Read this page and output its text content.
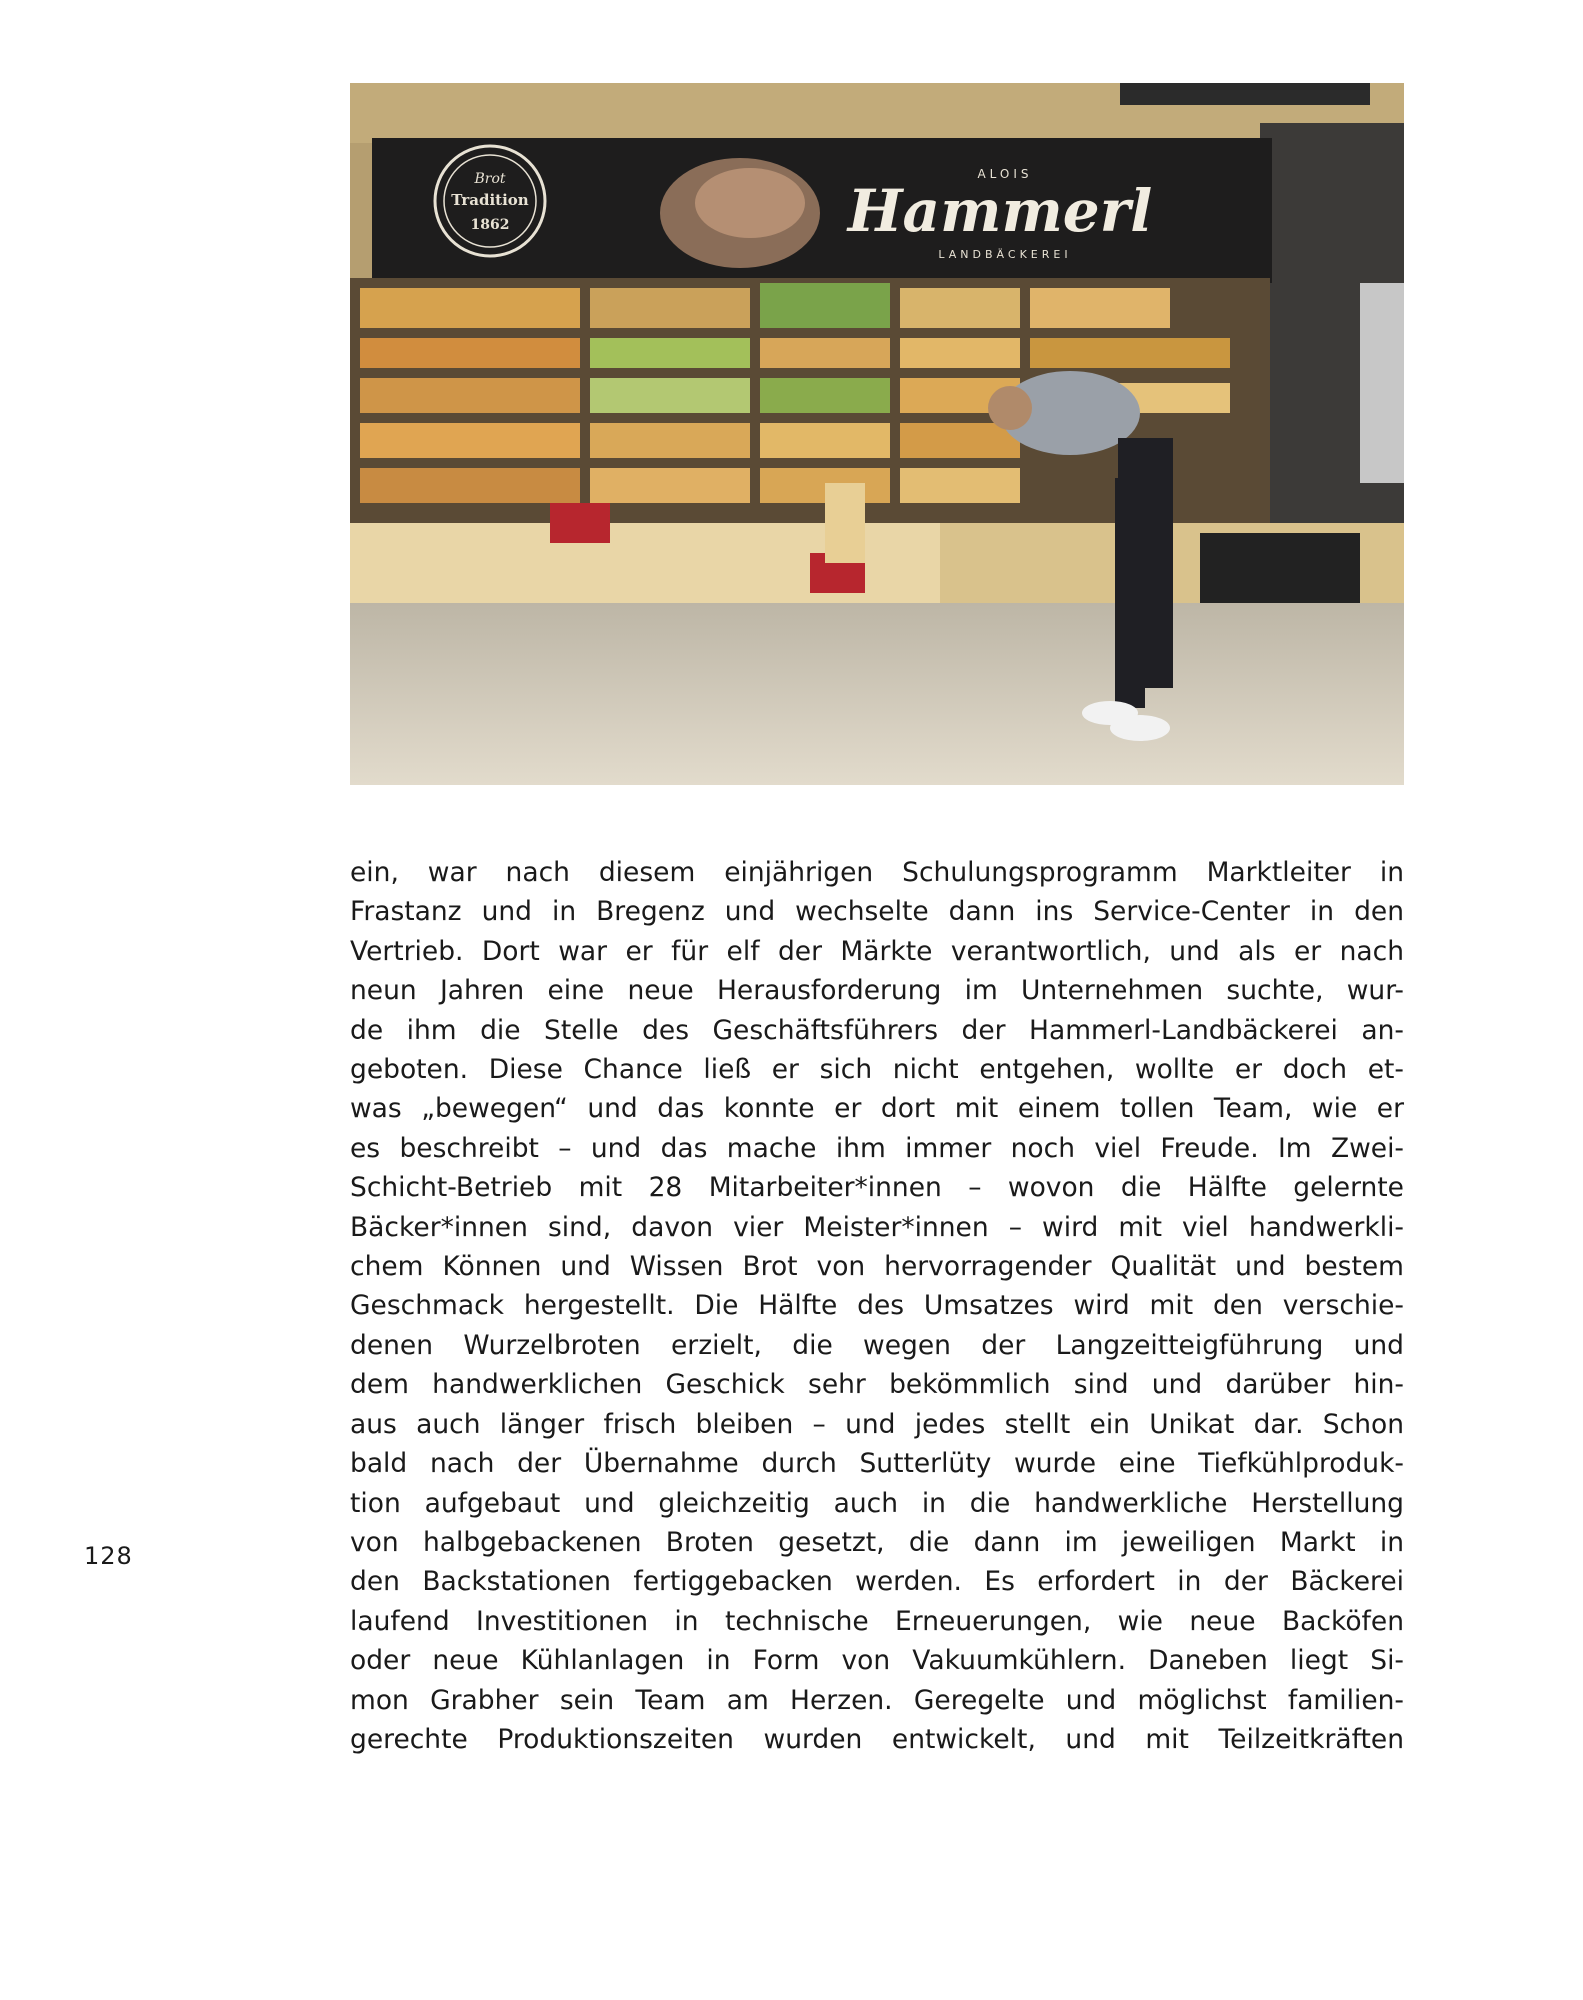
Brot
Tradition
1862
ALOIS
Hammerl
LANDBÄCKEREI
ein, war nach diesem einjährigen Schulungsprogramm Marktleiter in
Frastanz und in Bregenz und wechselte dann ins Service-Center in den
Vertrieb. Dort war er für elf der Märkte verantwortlich, und als er nach
neun Jahren eine neue Herausforderung im Unternehmen suchte, wur-
de ihm die Stelle des Geschäftsführers der Hammerl-Landbäckerei an-
geboten. Diese Chance ließ er sich nicht entgehen, wollte er doch et-
was „bewegen“ und das konnte er dort mit einem tollen Team, wie er
es beschreibt – und das mache ihm immer noch viel Freude. Im Zwei-
Schicht-Betrieb mit 28 Mitarbeiter*innen – wovon die Hälfte gelernte
Bäcker*innen sind, davon vier Meister*innen – wird mit viel handwerkli-
chem Können und Wissen Brot von hervorragender Qualität und bestem
Geschmack hergestellt. Die Hälfte des Umsatzes wird mit den verschie-
denen Wurzelbroten erzielt, die wegen der Langzeitteigführung und
dem handwerklichen Geschick sehr bekömmlich sind und darüber hin-
aus auch länger frisch bleiben – und jedes stellt ein Unikat dar. Schon
bald nach der Übernahme durch Sutterlüty wurde eine Tiefkühlproduk-
tion aufgebaut und gleichzeitig auch in die handwerkliche Herstellung
von halbgebackenen Broten gesetzt, die dann im jeweiligen Markt in
den Backstationen fertiggebacken werden. Es erfordert in der Bäckerei
laufend Investitionen in technische Erneuerungen, wie neue Backöfen
oder neue Kühlanlagen in Form von Vakuumkühlern. Daneben liegt Si-
mon Grabher sein Team am Herzen. Geregelte und möglichst familien-
gerechte Produktionszeiten wurden entwickelt, und mit Teilzeitkräften
128
